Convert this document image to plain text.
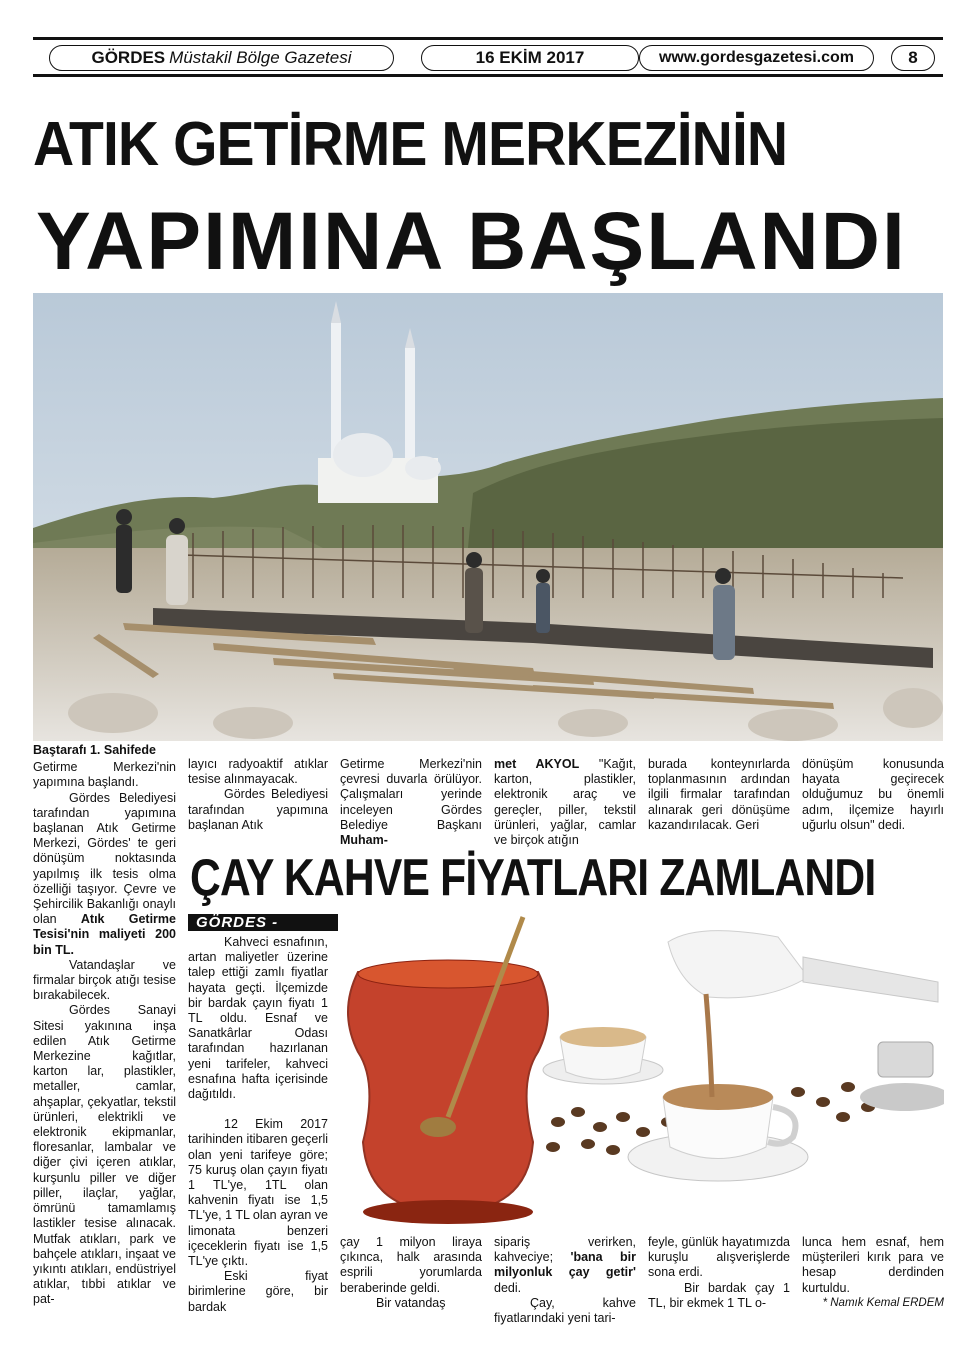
GÖRDES Müstakil Bölge Gazetesi	16 EKİM 2017	www.gordesgazetesi.com	8
ATIK GETİRME MERKEZİNİN
YAPIMINA BAŞLANDI

Baştarafı 1. Sahifede

Getirme Merkezi'nin yapımına başlandı.

Gördes Belediyesi tarafından yapımına başlanan Atık Getirme Merkezi, Gördes' te geri dönüşüm noktasında yapılmış ilk tesis olma özelliği taşıyor. Çevre ve Şehircilik Bakanlığı onaylı olan Atık Getirme Tesisi'nin maliyeti 200 bin TL.

Vatandaşlar ve firmalar birçok atığı tesise bırakabilecek.

Gördes Sanayi Sitesi yakınına inşa edilen Atık Getirme Merkezine kağıtlar, karton lar, plastikler, metaller, camlar, ahşaplar, çekyatlar, tekstil ürünleri, elektrikli ve elektronik ekipmanlar, floresanlar, lambalar ve diğer çivi içeren atıklar, kurşunlu piller ve diğer piller, ilaçlar, yağlar, ömrünü tamamlamış lastikler tesise alınacak. Mutfak atıkları, park ve bahçele atıkları, inşaat ve yıkıntı atıkları, endüstriyel atıklar, tıbbi atıklar ve pat-

layıcı radyoaktif atıklar tesise alınmayacak.

Gördes Belediyesi tarafından yapımına başlanan Atık

Getirme Merkezi'nin çevresi duvarla örülüyor. Çalışmaları yerinde inceleyen Gördes Belediye Başkanı Muham-

met AKYOL "Kağıt, karton, plastikler, elektronik araç ve gereçler, piller, tekstil ürünleri, yağlar, camlar ve birçok atığın

burada konteynırlarda toplanmasının ardından ilgili firmalar tarafından alınarak geri dönüşüme kazandırılacak. Geri

dönüşüm konusunda hayata geçirecek olduğumuz bu önemli adım, ilçemize hayırlı uğurlu olsun" dedi.

ÇAY KAHVE FİYATLARI ZAMLANDI
GÖRDES -

Kahveci esnafının, artan maliyetler üzerine talep ettiği zamlı fiyatlar hayata geçti. İlçemizde bir bardak çayın fiyatı 1 TL oldu. Esnaf ve Sanatkârlar Odası tarafından hazırlanan yeni tarifeler, kahveci esnafına hafta içerisinde dağıtıldı.

12 Ekim 2017 tarihinden itibaren geçerli olan yeni tarifeye göre; 75 kuruş olan çayın fiyatı 1 TL'ye, 1TL olan kahvenin fiyatı ise 1,5 TL'ye, 1 TL olan ayran ve limonata benzeri içeceklerin fiyatı ise 1,5 TL'ye çıktı.

Eski fiyat birimlerine göre, bir bardak

çay 1 milyon liraya çıkınca, halk arasında esprili yorumlarda beraberinde geldi.

Bir vatandaş

sipariş verirken, kahveciye; 'bana bir milyonluk çay getir' dedi.

Çay, kahve fiyatlarındaki yeni tari-

feyle, günlük hayatımızda kuruşlu alışverişlerde sona erdi.

Bir bardak çay 1 TL, bir ekmek 1 TL o-

lunca hem esnaf, hem müşterileri kırık para ve hesap derdinden kurtuldu.

* Namık Kemal ERDEM
